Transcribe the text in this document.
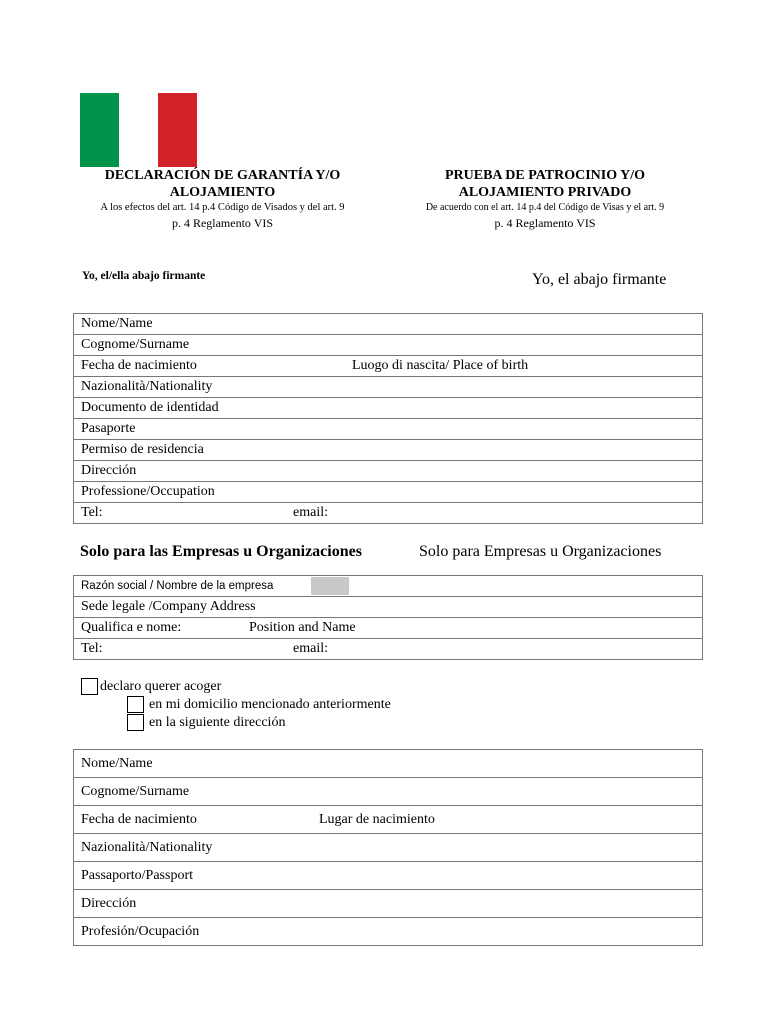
DECLARACIÓN DE GARANTÍA Y/O
ALOJAMIENTO
A los efectos del art. 14 p.4 Código de Visados y del art. 9
p. 4 Reglamento VIS
PRUEBA DE PATROCINIO Y/O
ALOJAMIENTO PRIVADO
De acuerdo con el art. 14 p.4 del Código de Visas y el art. 9
p. 4 Reglamento VIS
Yo, el/ella abajo firmante	Yo, el abajo firmante
Nome/Name
Cognome/Surname
Fecha de nacimiento	Luogo di nascita/ Place of birth

Nazionalità/Nationality
Documento de identidad
Pasaporte
Permiso de residencia
Dirección
Professione/Occupation
Tel:	email:
Solo para las Empresas u Organizaciones	Solo para Empresas u Organizaciones
Razón social / Nombre de la empresa

Sede legale /Company Address
Qualifica e nome:	Position and Name

Tel:	email:
declaro querer acoger
en mi domicilio mencionado anteriormente
en la siguiente dirección
Nome/Name
Cognome/Surname
Fecha de nacimiento	Lugar de nacimiento

Nazionalità/Nationality
Passaporto/Passport
Dirección
Profesión/Ocupación
